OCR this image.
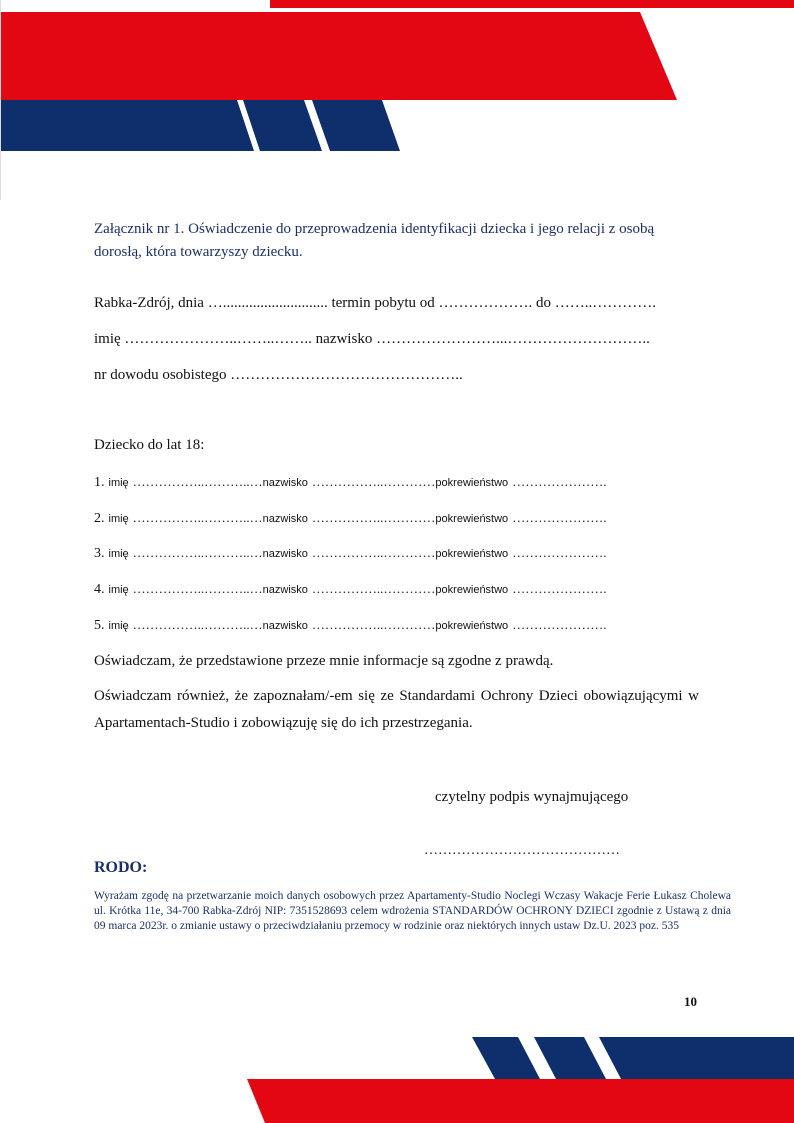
Załącznik nr 1. Oświadczenie do przeprowadzenia identyfikacji dziecka i jego relacji z osobą dorosłą, która towarzyszy dziecku.
Rabka-Zdrój, dnia …............................ termin pobytu od ………………. do ……..………….
imię …………………..……..…….. nazwisko ……………………...………………………..
nr dowodu osobistego ………………………………………..
Dziecko do lat 18:
1. imię ……………..………..…nazwisko ……………..…………pokrewieństwo ………………….
2. imię ……………..………..…nazwisko ……………..…………pokrewieństwo ………………….
3. imię ……………..………..…nazwisko ……………..…………pokrewieństwo ………………….
4. imię ……………..………..…nazwisko ……………..…………pokrewieństwo ………………….
5. imię ……………..………..…nazwisko ……………..…………pokrewieństwo ………………….
Oświadczam, że przedstawione przeze mnie informacje są zgodne z prawdą.
Oświadczam również, że zapoznałam/-em się ze Standardami Ochrony Dzieci obowiązującymi w Apartamentach-Studio i zobowiązuję się do ich przestrzegania.
czytelny podpis wynajmującego
……………………………………
RODO:
Wyrażam zgodę na przetwarzanie moich danych osobowych przez Apartamenty-Studio Noclegi Wczasy Wakacje Ferie Łukasz Cholewa ul. Krótka 11e, 34-700 Rabka-Zdrój NIP: 7351528693 celem wdrożenia STANDARDÓW OCHRONY DZIECI zgodnie z Ustawą z dnia 09 marca 2023r. o zmianie ustawy o przeciwdziałaniu przemocy w rodzinie oraz niektórych innych ustaw Dz.U. 2023 poz. 535
10
